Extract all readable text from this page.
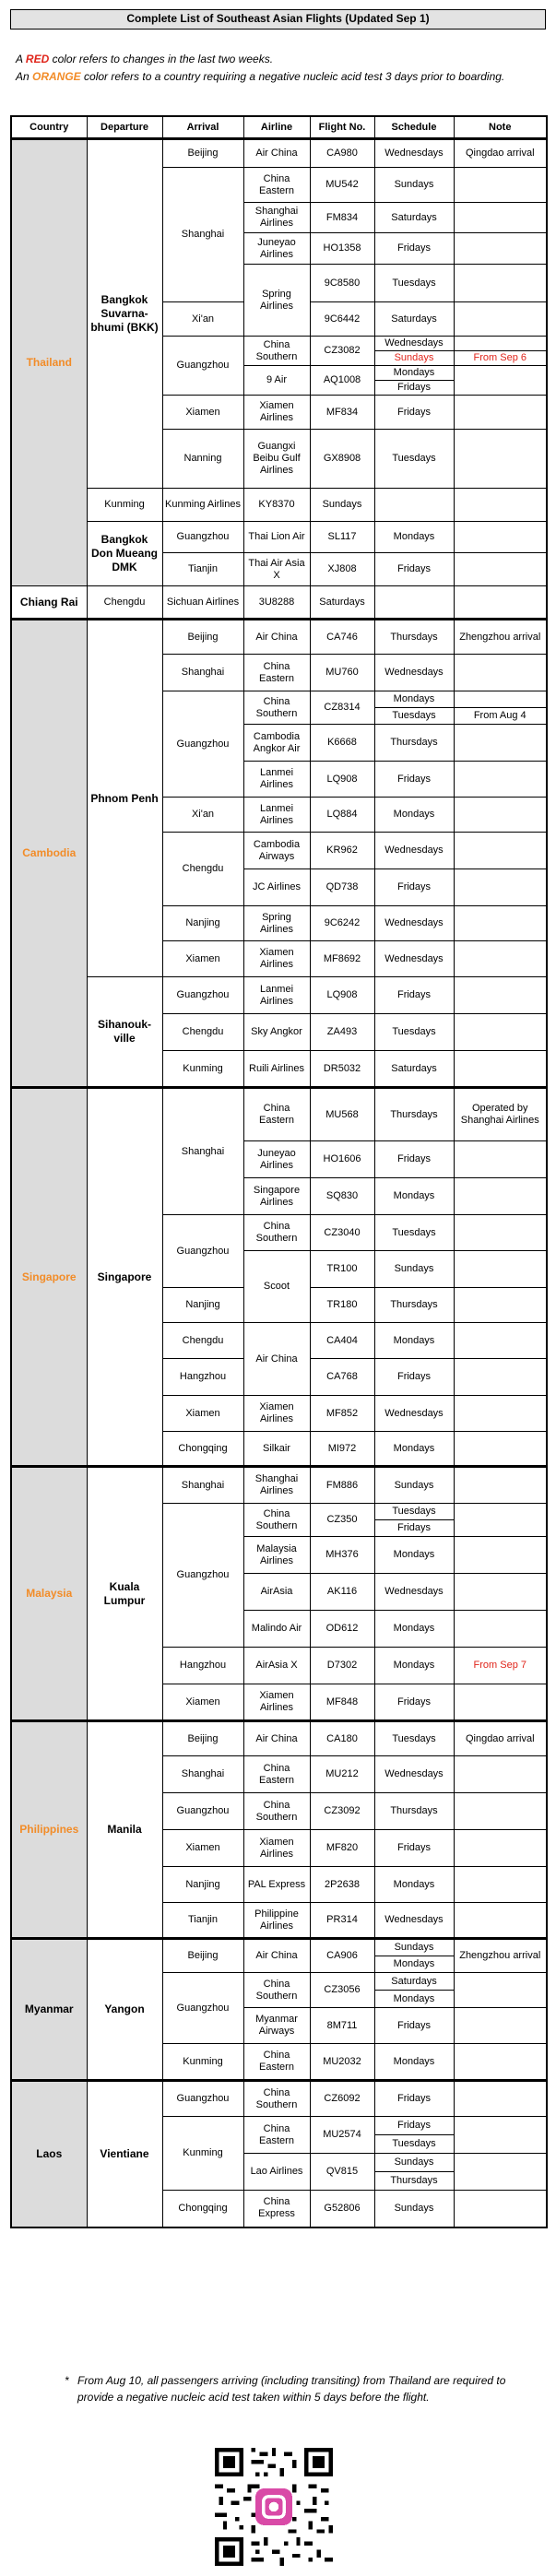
Complete List of Southeast Asian Flights (Updated Sep 1)
A RED color refers to changes in the last two weeks.
An ORANGE color refers to a country requiring a negative nucleic acid test 3 days prior to boarding.
Country	Departure	Arrival	Airline	Flight No.	Schedule	Note
Thailand	Bangkok Suvarna-bhumi (BKK)	Beijing	Air China	CA980	Wednesdays	Qingdao arrival
		Shanghai	China Eastern	MU542	Sundays	
			Shanghai Airlines	FM834	Saturdays	
			Juneyao Airlines	HO1358	Fridays	
			Spring Airlines	9C8580	Tuesdays	
		Xi'an		9C6442	Saturdays	
		Guangzhou	China Southern	CZ3082	Wednesdays	
					Sundays	From Sep 6
			9 Air	AQ1008	Mondays	
					Fridays	
		Xiamen	Xiamen Airlines	MF834	Fridays	
		Nanning	Guangxi Beibu Gulf Airlines	GX8908	Tuesdays	
	Kunming	Kunming Airlines	KY8370	Sundays		
	Bangkok Don Mueang DMK	Guangzhou	Thai Lion Air	SL117	Mondays	
		Tianjin	Thai Air Asia X	XJ808	Fridays	
Chiang Rai	Chengdu	Sichuan Airlines	3U8288	Saturdays		
Cambodia	Phnom Penh	Beijing	Air China	CA746	Thursdays	Zhengzhou arrival
		Shanghai	China Eastern	MU760	Wednesdays	
		Guangzhou	China Southern	CZ8314	Mondays	
					Tuesdays	From Aug 4
			Cambodia Angkor Air	K6668	Thursdays	
			Lanmei Airlines	LQ908	Fridays	
		Xi'an	Lanmei Airlines	LQ884	Mondays	
		Chengdu	Cambodia Airways	KR962	Wednesdays	
			JC Airlines	QD738	Fridays	
		Nanjing	Spring Airlines	9C6242	Wednesdays	
		Xiamen	Xiamen Airlines	MF8692	Wednesdays	
	Sihanouk-ville	Guangzhou	Lanmei Airlines	LQ908	Fridays	
		Chengdu	Sky Angkor	ZA493	Tuesdays	
		Kunming	Ruili Airlines	DR5032	Saturdays	
Singapore	Singapore	Shanghai	China Eastern	MU568	Thursdays	Operated by Shanghai Airlines
			Juneyao Airlines	HO1606	Fridays	
			Singapore Airlines	SQ830	Mondays	
		Guangzhou	China Southern	CZ3040	Tuesdays	
			Scoot	TR100	Sundays	
		Nanjing		TR180	Thursdays	
		Chengdu	Air China	CA404	Mondays	
		Hangzhou		CA768	Fridays	
		Xiamen	Xiamen Airlines	MF852	Wednesdays	
		Chongqing	Silkair	MI972	Mondays	
Malaysia	Kuala Lumpur	Shanghai	Shanghai Airlines	FM886	Sundays	
		Guangzhou	China Southern	CZ350	Tuesdays	
					Fridays	
			Malaysia Airlines	MH376	Mondays	
			AirAsia	AK116	Wednesdays	
			Malindo Air	OD612	Mondays	
		Hangzhou	AirAsia X	D7302	Mondays	From Sep 7
		Xiamen	Xiamen Airlines	MF848	Fridays	
Philippines	Manila	Beijing	Air China	CA180	Tuesdays	Qingdao arrival
		Shanghai	China Eastern	MU212	Wednesdays	
		Guangzhou	China Southern	CZ3092	Thursdays	
		Xiamen	Xiamen Airlines	MF820	Fridays	
		Nanjing	PAL Express	2P2638	Mondays	
		Tianjin	Philippine Airlines	PR314	Wednesdays	
Myanmar	Yangon	Beijing	Air China	CA906	Sundays	Zhengzhou arrival
					Mondays	
		Guangzhou	China Southern	CZ3056	Saturdays	
					Mondays	
			Myanmar Airways	8M711	Fridays	
		Kunming	China Eastern	MU2032	Mondays	
Laos	Vientiane	Guangzhou	China Southern	CZ6092	Fridays	
		Kunming	China Eastern	MU2574	Fridays	
					Tuesdays	
			Lao Airlines	QV815	Sundays	
					Thursdays	
		Chongqing	China Express	G52806	Sundays	
* From Aug 10, all passengers arriving (including transiting) from Thailand are required to provide a negative nucleic acid test taken within 5 days before the flight.
